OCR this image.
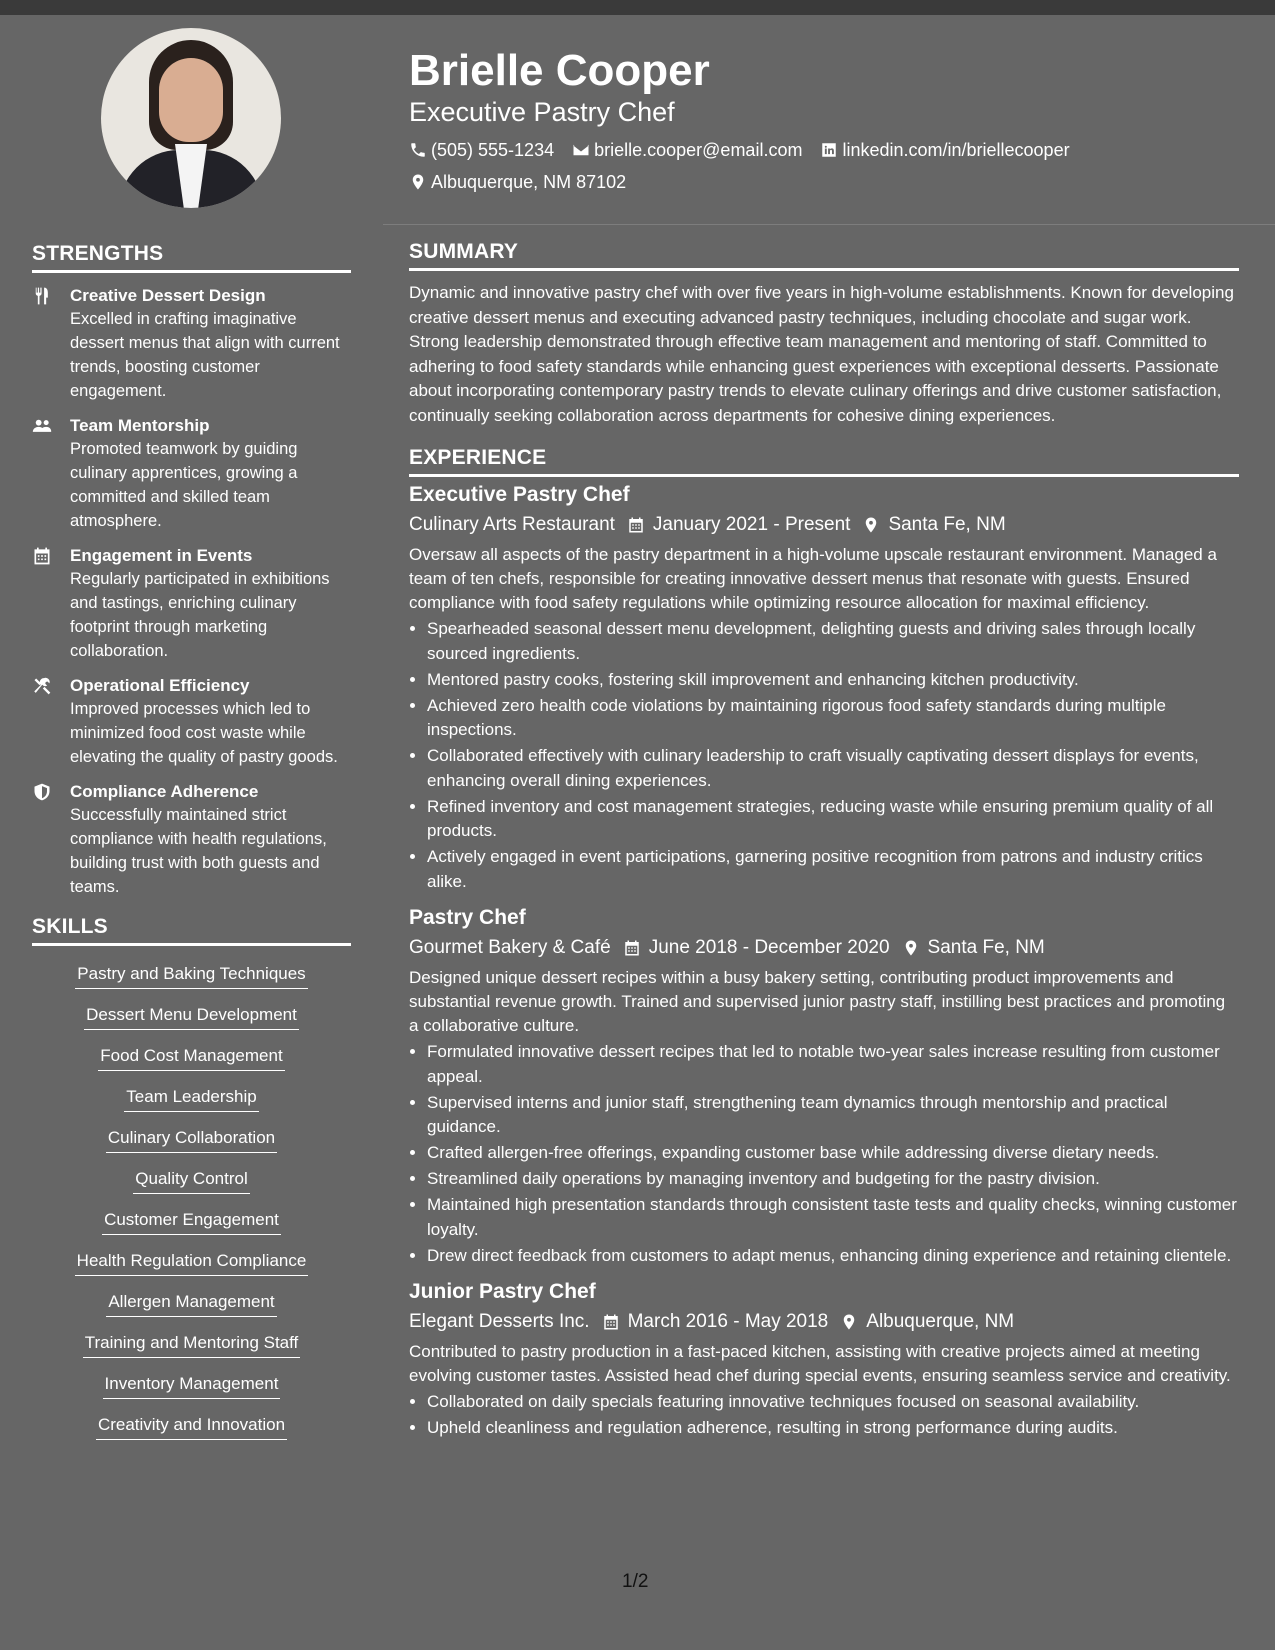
STRENGTHS
Creative Dessert Design
Excelled in crafting imaginative dessert menus that align with current trends, boosting customer engagement.
Team Mentorship
Promoted teamwork by guiding culinary apprentices, growing a committed and skilled team atmosphere.
Engagement in Events
Regularly participated in exhibitions and tastings, enriching culinary footprint through marketing collaboration.
Operational Efficiency
Improved processes which led to minimized food cost waste while elevating the quality of pastry goods.
Compliance Adherence
Successfully maintained strict compliance with health regulations, building trust with both guests and teams.
SKILLS
Pastry and Baking Techniques
Dessert Menu Development
Food Cost Management
Team Leadership
Culinary Collaboration
Quality Control
Customer Engagement
Health Regulation Compliance
Allergen Management
Training and Mentoring Staff
Inventory Management
Creativity and Innovation
Brielle Cooper
Executive Pastry Chef
(505) 555-1234 brielle.cooper@email.com linkedin.com/in/briellecooper
Albuquerque, NM 87102
SUMMARY
Dynamic and innovative pastry chef with over five years in high-volume establishments. Known for developing creative dessert menus and executing advanced pastry techniques, including chocolate and sugar work. Strong leadership demonstrated through effective team management and mentoring of staff. Committed to adhering to food safety standards while enhancing guest experiences with exceptional desserts. Passionate about incorporating contemporary pastry trends to elevate culinary offerings and drive customer satisfaction, continually seeking collaboration across departments for cohesive dining experiences.
EXPERIENCE
Executive Pastry Chef
Culinary Arts Restaurant January 2021 - Present Santa Fe, NM
Oversaw all aspects of the pastry department in a high-volume upscale restaurant environment. Managed a team of ten chefs, responsible for creating innovative dessert menus that resonate with guests. Ensured compliance with food safety regulations while optimizing resource allocation for maximal efficiency.
• Spearheaded seasonal dessert menu development, delighting guests and driving sales through locally sourced ingredients.
• Mentored pastry cooks, fostering skill improvement and enhancing kitchen productivity.
• Achieved zero health code violations by maintaining rigorous food safety standards during multiple inspections.
• Collaborated effectively with culinary leadership to craft visually captivating dessert displays for events, enhancing overall dining experiences.
• Refined inventory and cost management strategies, reducing waste while ensuring premium quality of all products.
• Actively engaged in event participations, garnering positive recognition from patrons and industry critics alike.
Pastry Chef
Gourmet Bakery & Café June 2018 - December 2020 Santa Fe, NM
Designed unique dessert recipes within a busy bakery setting, contributing product improvements and substantial revenue growth. Trained and supervised junior pastry staff, instilling best practices and promoting a collaborative culture.
• Formulated innovative dessert recipes that led to notable two-year sales increase resulting from customer appeal.
• Supervised interns and junior staff, strengthening team dynamics through mentorship and practical guidance.
• Crafted allergen-free offerings, expanding customer base while addressing diverse dietary needs.
• Streamlined daily operations by managing inventory and budgeting for the pastry division.
• Maintained high presentation standards through consistent taste tests and quality checks, winning customer loyalty.
• Drew direct feedback from customers to adapt menus, enhancing dining experience and retaining clientele.
Junior Pastry Chef
Elegant Desserts Inc. March 2016 - May 2018 Albuquerque, NM
Contributed to pastry production in a fast-paced kitchen, assisting with creative projects aimed at meeting evolving customer tastes. Assisted head chef during special events, ensuring seamless service and creativity.
• Collaborated on daily specials featuring innovative techniques focused on seasonal availability.
• Upheld cleanliness and regulation adherence, resulting in strong performance during audits.
1/2
